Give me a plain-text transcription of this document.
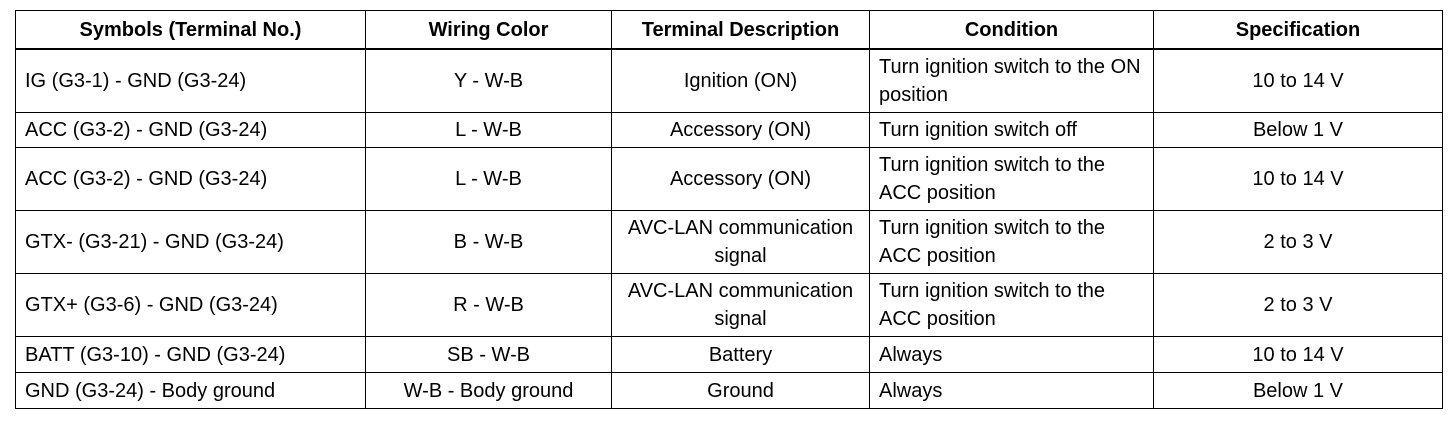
Symbols (Terminal No.)	Wiring Color	Terminal Description	Condition	Specification
IG (G3-1) - GND (G3-24)	Y - W-B	Ignition (ON)	Turn ignition switch to the ON position	10 to 14 V
ACC (G3-2) - GND (G3-24)	L - W-B	Accessory (ON)	Turn ignition switch off	Below 1 V
ACC (G3-2) - GND (G3-24)	L - W-B	Accessory (ON)	Turn ignition switch to the ACC position	10 to 14 V
GTX- (G3-21) - GND (G3-24)	B - W-B	AVC-LAN communication signal	Turn ignition switch to the ACC position	2 to 3 V
GTX+ (G3-6) - GND (G3-24)	R - W-B	AVC-LAN communication signal	Turn ignition switch to the ACC position	2 to 3 V
BATT (G3-10) - GND (G3-24)	SB - W-B	Battery	Always	10 to 14 V
GND (G3-24) - Body ground	W-B - Body ground	Ground	Always	Below 1 V
